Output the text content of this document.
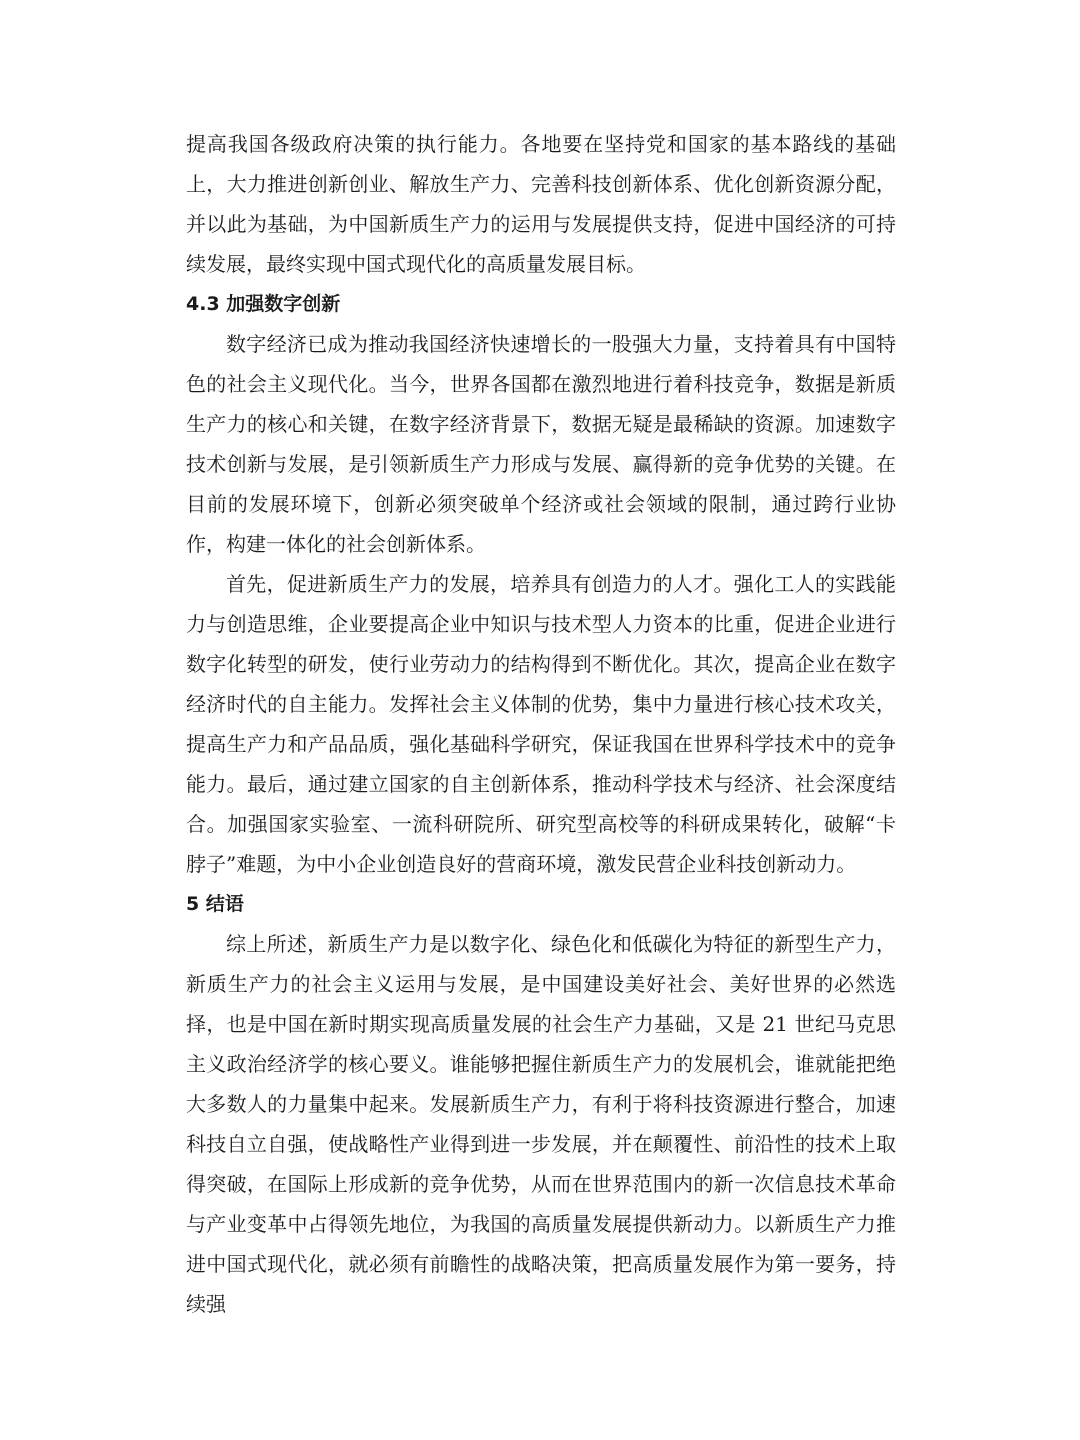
提高我国各级政府决策的执行能力。各地要在坚持党和国家的基本路线的基础上，大力推进创新创业、解放生产力、完善科技创新体系、优化创新资源分配，并以此为基础，为中国新质生产力的运用与发展提供支持，促进中国经济的可持续发展，最终实现中国式现代化的高质量发展目标。

4.3 加强数字创新

数字经济已成为推动我国经济快速增长的一股强大力量，支持着具有中国特色的社会主义现代化。当今，世界各国都在激烈地进行着科技竞争，数据是新质生产力的核心和关键，在数字经济背景下，数据无疑是最稀缺的资源。加速数字技术创新与发展，是引领新质生产力形成与发展、赢得新的竞争优势的关键。在目前的发展环境下，创新必须突破单个经济或社会领域的限制，通过跨行业协作，构建一体化的社会创新体系。

首先，促进新质生产力的发展，培养具有创造力的人才。强化工人的实践能力与创造思维，企业要提高企业中知识与技术型人力资本的比重，促进企业进行数字化转型的研发，使行业劳动力的结构得到不断优化。其次，提高企业在数字经济时代的自主能力。发挥社会主义体制的优势，集中力量进行核心技术攻关，提高生产力和产品品质，强化基础科学研究，保证我国在世界科学技术中的竞争能力。最后，通过建立国家的自主创新体系，推动科学技术与经济、社会深度结合。加强国家实验室、一流科研院所、研究型高校等的科研成果转化，破解“卡脖子”难题，为中小企业创造良好的营商环境，激发民营企业科技创新动力。

5 结语

综上所述，新质生产力是以数字化、绿色化和低碳化为特征的新型生产力，新质生产力的社会主义运用与发展，是中国建设美好社会、美好世界的必然选择，也是中国在新时期实现高质量发展的社会生产力基础，又是 21 世纪马克思主义政治经济学的核心要义。谁能够把握住新质生产力的发展机会，谁就能把绝大多数人的力量集中起来。发展新质生产力，有利于将科技资源进行整合，加速科技自立自强，使战略性产业得到进一步发展，并在颠覆性、前沿性的技术上取得突破，在国际上形成新的竞争优势，从而在世界范围内的新一次信息技术革命与产业变革中占得领先地位，为我国的高质量发展提供新动力。以新质生产力推进中国式现代化，就必须有前瞻性的战略决策，把高质量发展作为第一要务，持续强
